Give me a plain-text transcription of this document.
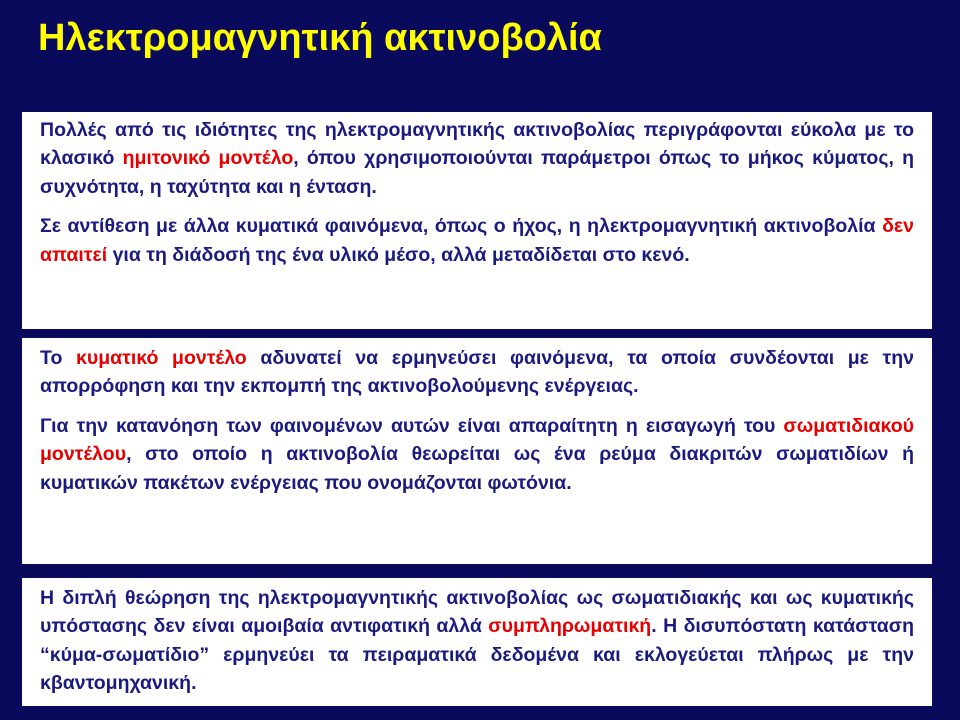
Ηλεκτρομαγνητική ακτινοβολία

Πολλές από τις ιδιότητες της ηλεκτρομαγνητικής ακτινοβολίας περιγράφονται εύκολα με το κλασικό ημιτονικό μοντέλο, όπου χρησιμοποιούνται παράμετροι όπως το μήκος κύματος, η συχνότητα, η ταχύτητα και η ένταση.

Σε αντίθεση με άλλα κυματικά φαινόμενα, όπως ο ήχος, η ηλεκτρομαγνητική ακτινοβολία δεν απαιτεί για τη διάδοσή της ένα υλικό μέσο, αλλά μεταδίδεται στο κενό.

Το κυματικό μοντέλο αδυνατεί να ερμηνεύσει φαινόμενα, τα οποία συνδέονται με την απορρόφηση και την εκπομπή της ακτινοβολούμενης ενέργειας.

Για την κατανόηση των φαινομένων αυτών είναι απαραίτητη η εισαγωγή του σωματιδιακού μοντέλου, στο οποίο η ακτινοβολία θεωρείται ως ένα ρεύμα διακριτών σωματιδίων ή κυματικών πακέτων ενέργειας που ονομάζονται φωτόνια.

Η διπλή θεώρηση της ηλεκτρομαγνητικής ακτινοβολίας ως σωματιδιακής και ως κυματικής υπόστασης δεν είναι αμοιβαία αντιφατική αλλά συμπληρωματική. Η δισυπόστατη κατάσταση “κύμα-σωματίδιο” ερμηνεύει τα πειραματικά δεδομένα και εκλογεύεται πλήρως με την κβαντομηχανική.
